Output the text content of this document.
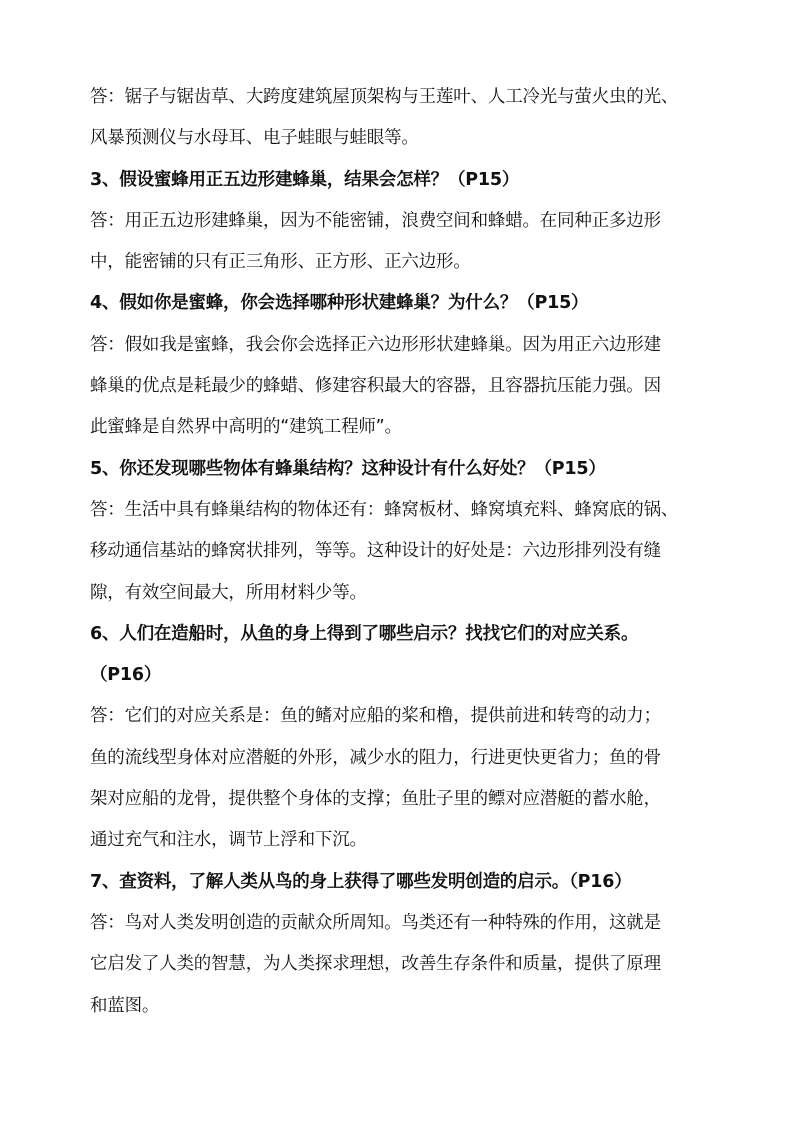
答：锯子与锯齿草、大跨度建筑屋顶架构与王莲叶、人工冷光与萤火虫的光、
风暴预测仪与水母耳、电子蛙眼与蛙眼等。
3、假设蜜蜂用正五边形建蜂巢，结果会怎样？（P15）
答：用正五边形建蜂巢，因为不能密铺，浪费空间和蜂蜡。在同种正多边形
中，能密铺的只有正三角形、正方形、正六边形。
4、假如你是蜜蜂，你会选择哪种形状建蜂巢？为什么？（P15）
答：假如我是蜜蜂，我会你会选择正六边形形状建蜂巢。因为用正六边形建
蜂巢的优点是耗最少的蜂蜡、修建容积最大的容器，且容器抗压能力强。因
此蜜蜂是自然界中高明的“建筑工程师”。
5、你还发现哪些物体有蜂巢结构？这种设计有什么好处？（P15）
答：生活中具有蜂巢结构的物体还有：蜂窝板材、蜂窝填充料、蜂窝底的锅、
移动通信基站的蜂窝状排列，等等。这种设计的好处是：六边形排列没有缝
隙，有效空间最大，所用材料少等。
6、人们在造船时，从鱼的身上得到了哪些启示？找找它们的对应关系。
（P16）
答：它们的对应关系是：鱼的鳍对应船的桨和橹，提供前进和转弯的动力；
鱼的流线型身体对应潜艇的外形，减少水的阻力，行进更快更省力；鱼的骨
架对应船的龙骨，提供整个身体的支撑；鱼肚子里的鳔对应潜艇的蓄水舱，
通过充气和注水，调节上浮和下沉。
7、查资料，了解人类从鸟的身上获得了哪些发明创造的启示。（P16）
答：鸟对人类发明创造的贡献众所周知。鸟类还有一种特殊的作用，这就是
它启发了人类的智慧，为人类探求理想，改善生存条件和质量，提供了原理
和蓝图。
